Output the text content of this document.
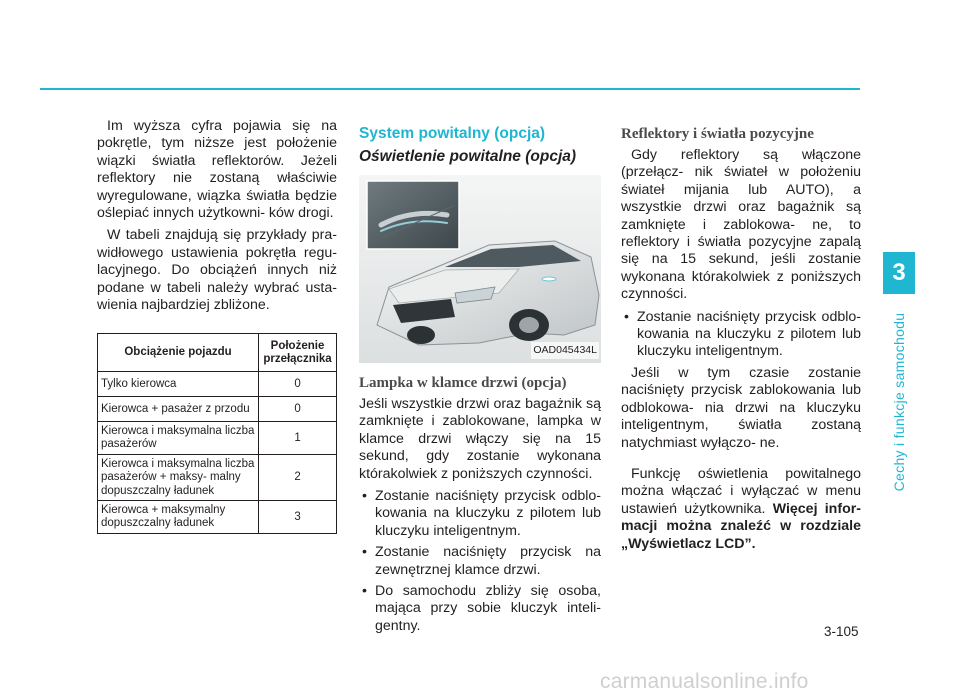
Im wyższa cyfra pojawia się na pokrętle, tym niższe jest położenie wiązki światła reflektorów. Jeżeli reflektory nie zostaną właściwie wyregulowane, wiązka światła będzie oślepiać innych użytkowni- ków drogi.

W tabeli znajdują się przykłady pra- widłowego ustawienia pokrętła regu- lacyjnego. Do obciążeń innych niż podane w tabeli należy wybrać usta- wienia najbardziej zbliżone.

Obciążenie pojazdu	Położenie przełącznika
Tylko kierowca	0
Kierowca + pasażer z przodu	0
Kierowca i maksymalna liczba pasażerów	1
Kierowca i maksymalna liczba pasażerów + maksy- malny dopuszczalny ładunek	2
Kierowca + maksymalny dopuszczalny ładunek	3
System powitalny (opcja)
Oświetlenie powitalne (opcja)
OAD045434L
Lampka w klamce drzwi (opcja)

Jeśli wszystkie drzwi oraz bagażnik są zamknięte i zablokowane, lampka w klamce drzwi włączy się na 15 sekund, gdy zostanie wykonana którakolwiek z poniższych czynności.

• Zostanie naciśnięty przycisk odblo- kowania na kluczyku z pilotem lub kluczyku inteligentnym.
• Zostanie naciśnięty przycisk na zewnętrznej klamce drzwi.
• Do samochodu zbliży się osoba, mająca przy sobie kluczyk inteli- gentny.
Reflektory i światła pozycyjne

Gdy reflektory są włączone (przełącz- nik świateł w położeniu świateł mijania lub AUTO), a wszystkie drzwi oraz bagażnik są zamknięte i zablokowa- ne, to reflektory i światła pozycyjne zapalą się na 15 sekund, jeśli zostanie wykonana którakolwiek z poniższych czynności.

• Zostanie naciśnięty przycisk odblo- kowania na kluczyku z pilotem lub kluczyku inteligentnym.

Jeśli w tym czasie zostanie naciśnięty przycisk zablokowania lub odblokowa- nia drzwi na kluczyku inteligentnym, światła zostaną natychmiast wyłączo- ne.

Funkcję oświetlenia powitalnego można włączać i wyłączać w menu ustawień użytkownika. Więcej infor- macji można znaleźć w rozdziale „Wyświetlacz LCD”.

3
Cechy i funkcje samochodu
3-105
carmanualsonline.info
